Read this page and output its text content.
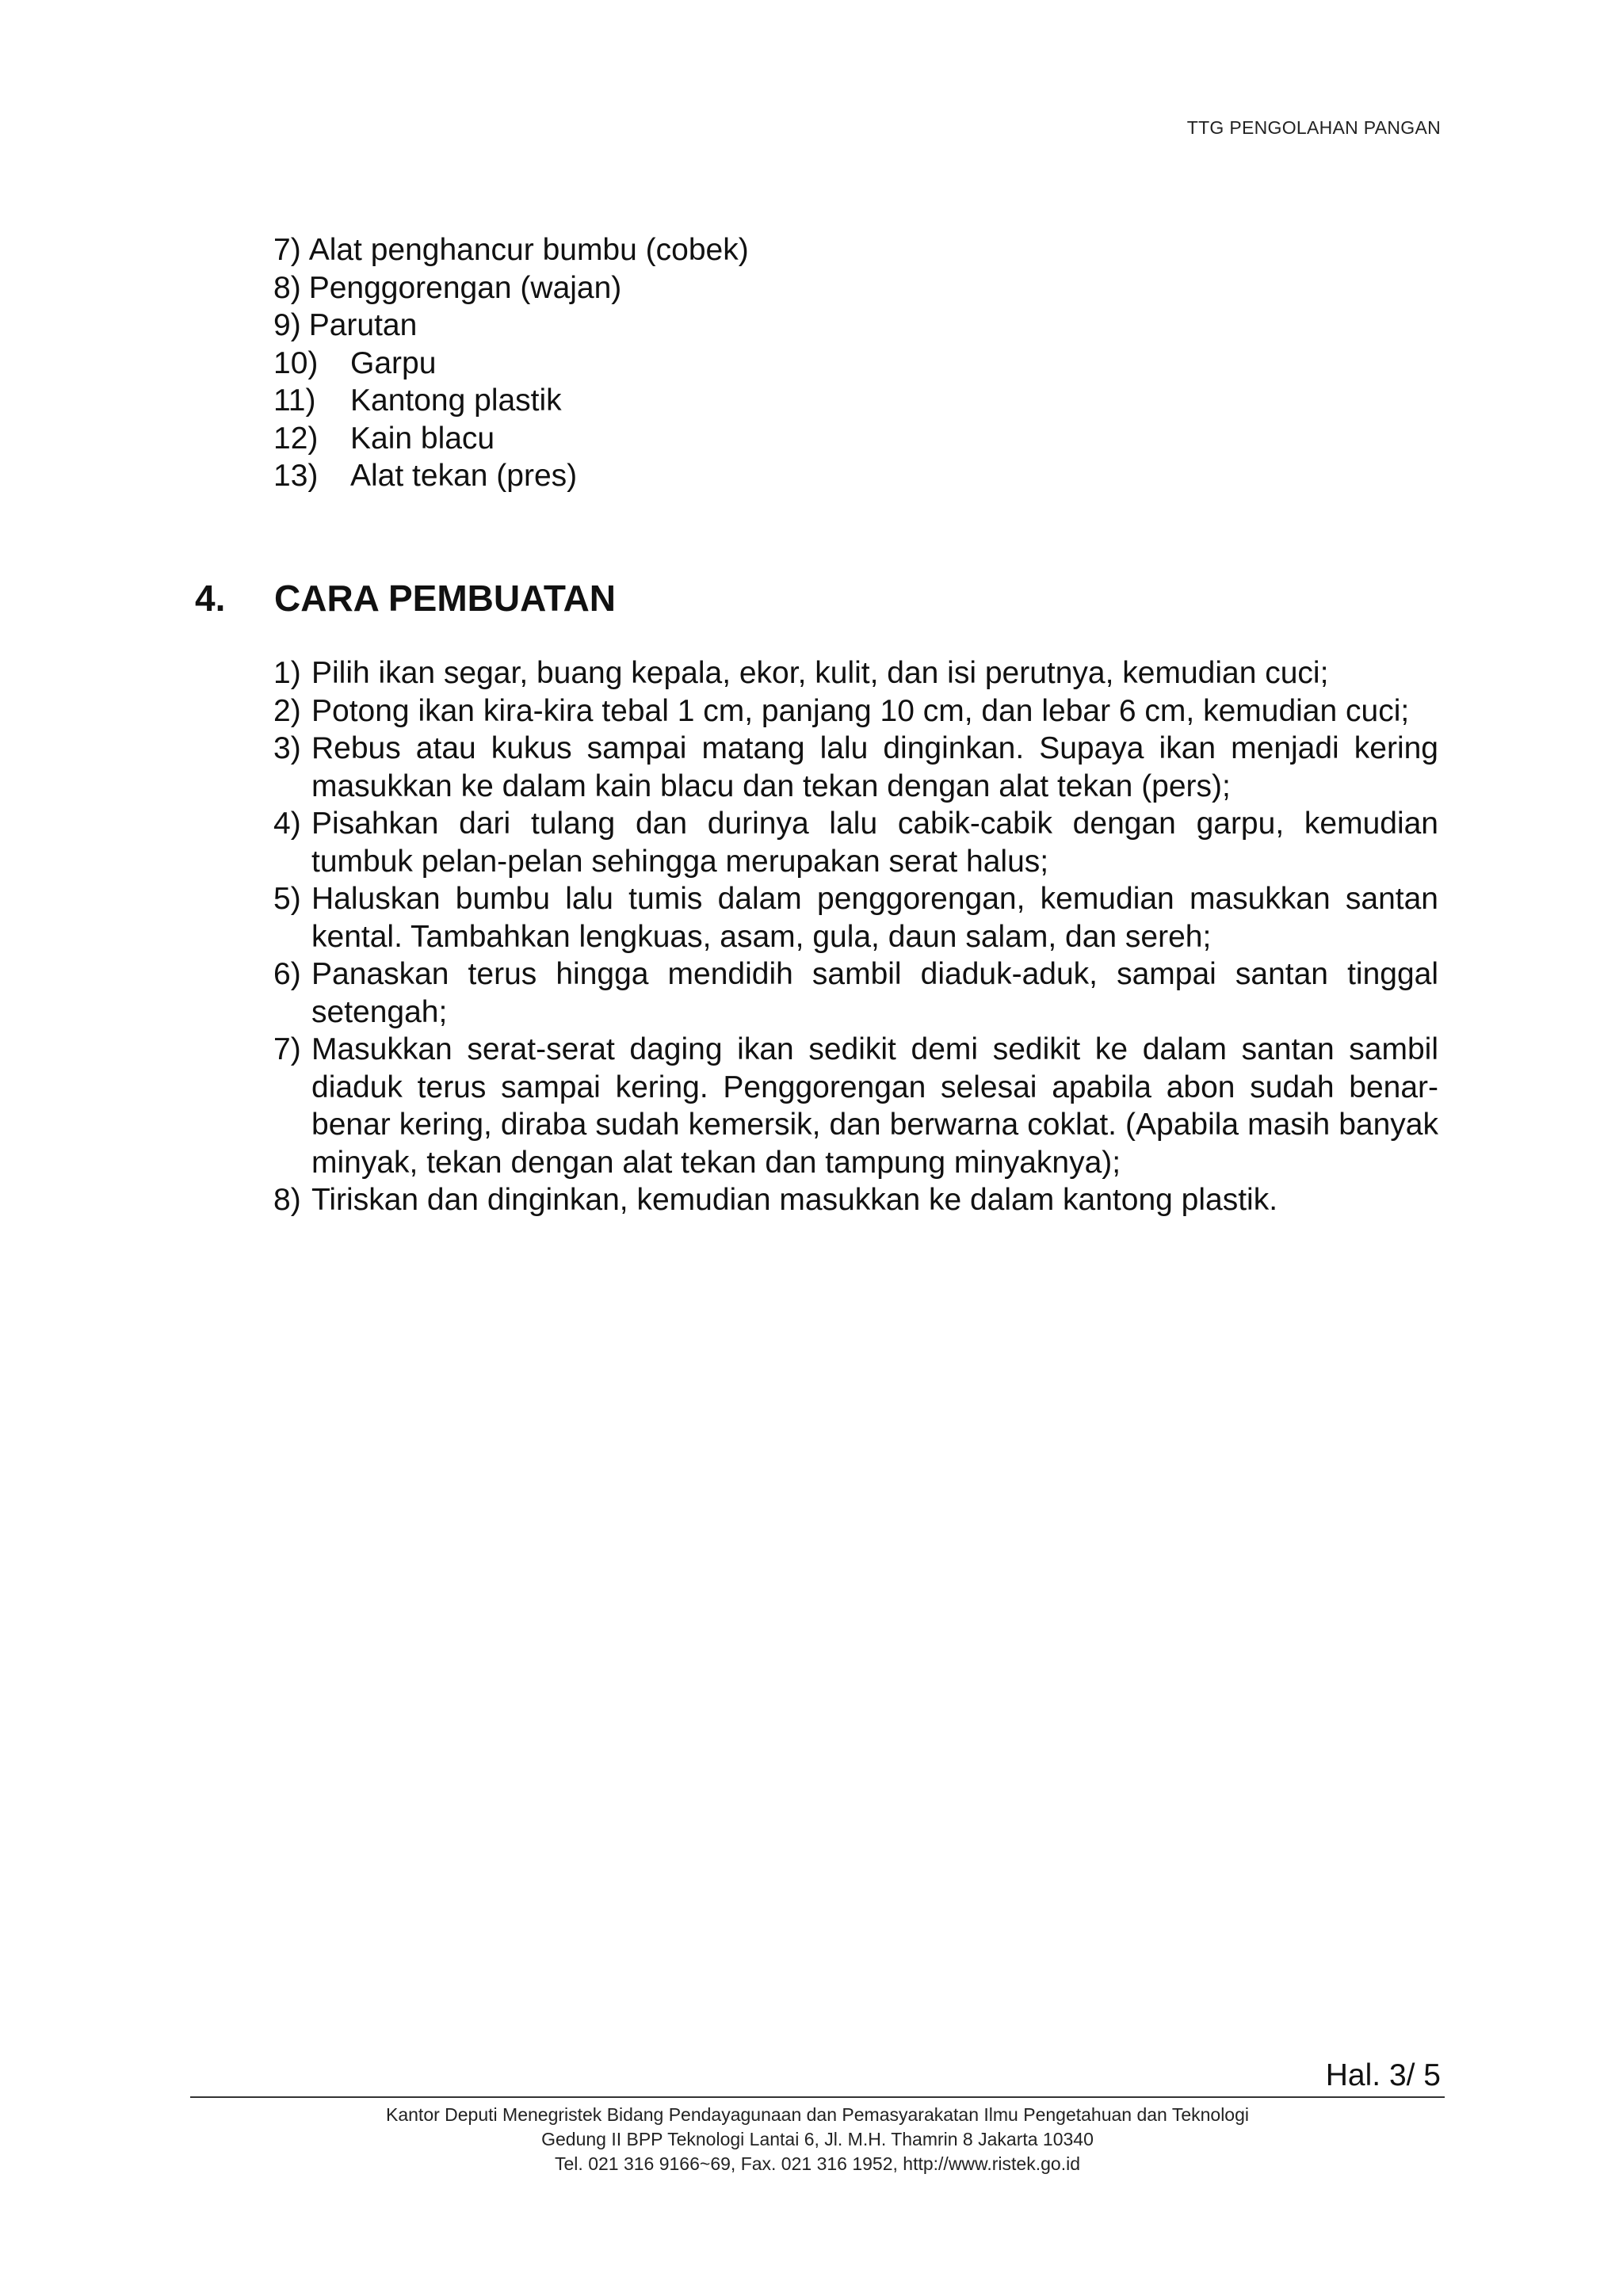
TTG PENGOLAHAN PANGAN
7) Alat penghancur bumbu (cobek)
8) Penggorengan (wajan)
9) Parutan
10)	Garpu
11)	Kantong plastik
12)	Kain blacu
13)	Alat tekan (pres)
4.	CARA PEMBUATAN
1) Pilih ikan segar, buang kepala, ekor, kulit, dan isi perutnya, kemudian cuci;
2) Potong ikan kira-kira tebal 1 cm, panjang 10 cm, dan lebar 6 cm, kemudian cuci;
3) Rebus atau kukus sampai matang lalu dinginkan. Supaya ikan menjadi kering masukkan ke dalam kain blacu dan tekan dengan alat tekan (pers);
4) Pisahkan dari tulang dan durinya lalu cabik-cabik dengan garpu, kemudian tumbuk pelan-pelan sehingga merupakan serat halus;
5) Haluskan bumbu lalu tumis dalam penggorengan, kemudian masukkan santan kental. Tambahkan lengkuas, asam, gula, daun salam, dan sereh;
6) Panaskan terus hingga mendidih sambil diaduk-aduk, sampai santan tinggal setengah;
7) Masukkan serat-serat daging ikan sedikit demi sedikit ke dalam santan sambil diaduk terus sampai kering. Penggorengan selesai apabila abon sudah benar-benar kering, diraba sudah kemersik, dan berwarna coklat. (Apabila masih banyak minyak, tekan dengan alat tekan dan tampung minyaknya);
8) Tiriskan dan dinginkan, kemudian masukkan ke dalam kantong plastik.
Hal. 3/ 5
Kantor Deputi Menegristek Bidang Pendayagunaan dan Pemasyarakatan Ilmu Pengetahuan dan Teknologi
Gedung II BPP Teknologi Lantai 6, Jl. M.H. Thamrin 8 Jakarta 10340
Tel. 021 316 9166~69, Fax. 021 316 1952, http://www.ristek.go.id
